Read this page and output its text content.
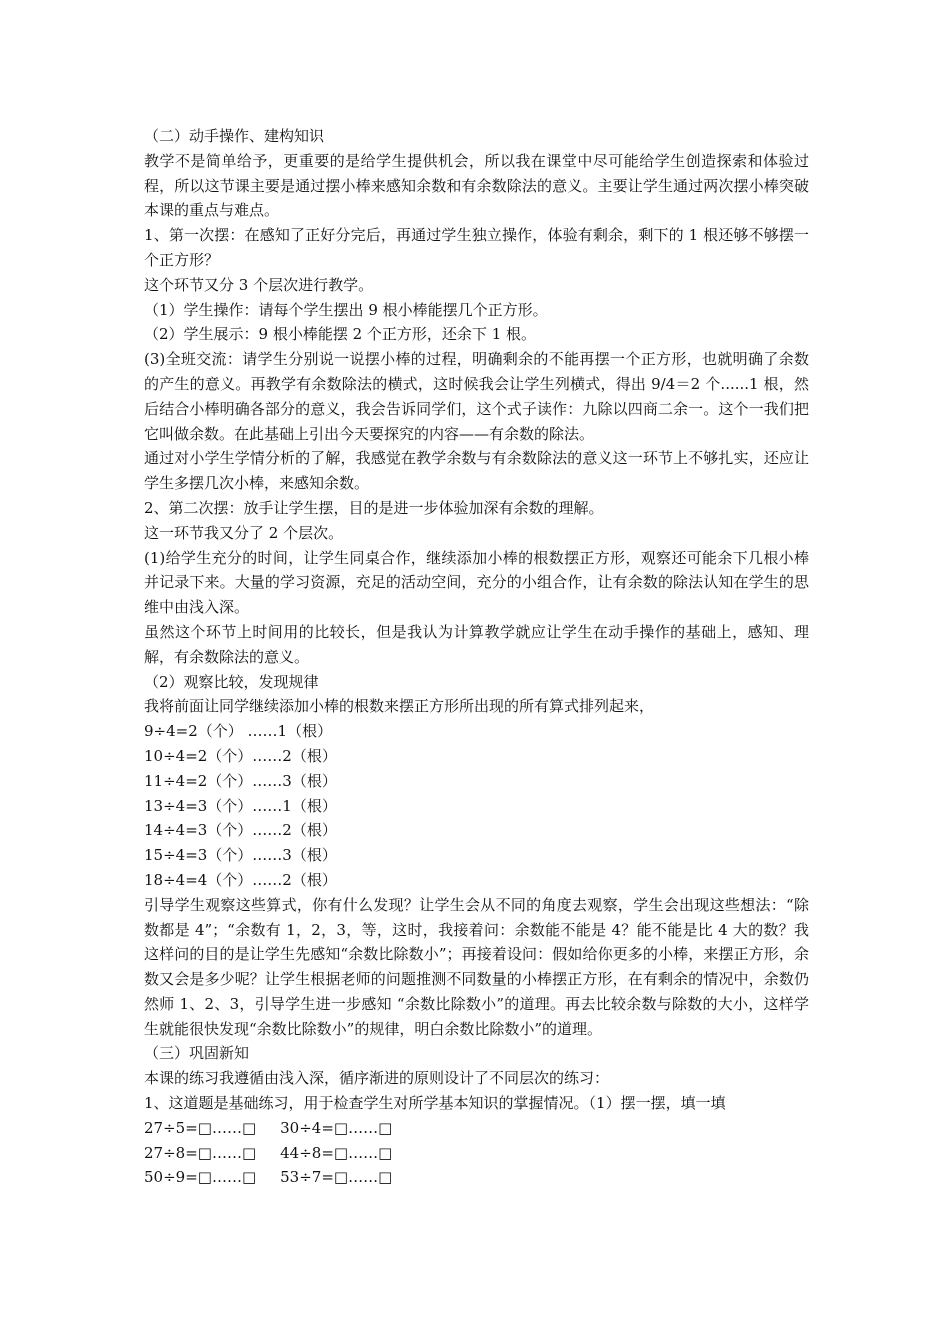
（二）动手操作、建构知识

教学不是简单给予，更重要的是给学生提供机会，所以我在课堂中尽可能给学生创造探索和体验过程，所以这节课主要是通过摆小棒来感知余数和有余数除法的意义。主要让学生通过两次摆小棒突破本课的重点与难点。

1、第一次摆：在感知了正好分完后，再通过学生独立操作，体验有剩余，剩下的 1 根还够不够摆一个正方形？

这个环节又分 3 个层次进行教学。

（1）学生操作：请每个学生摆出 9 根小棒能摆几个正方形。

（2）学生展示：9 根小棒能摆 2 个正方形，还余下 1 根。

(3)全班交流：请学生分别说一说摆小棒的过程，明确剩余的不能再摆一个正方形，也就明确了余数的产生的意义。再教学有余数除法的横式，这时候我会让学生列横式，得出 9/4＝2 个......1 根，然后结合小棒明确各部分的意义，我会告诉同学们，这个式子读作：九除以四商二余一。这个一我们把它叫做余数。在此基础上引出今天要探究的内容——有余数的除法。

通过对小学生学情分析的了解，我感觉在教学余数与有余数除法的意义这一环节上不够扎实，还应让学生多摆几次小棒，来感知余数。

2、第二次摆：放手让学生摆，目的是进一步体验加深有余数的理解。

这一环节我又分了 2 个层次。

(1)给学生充分的时间，让学生同桌合作，继续添加小棒的根数摆正方形，观察还可能余下几根小棒并记录下来。大量的学习资源，充足的活动空间，充分的小组合作，让有余数的除法认知在学生的思维中由浅入深。

虽然这个环节上时间用的比较长，但是我认为计算教学就应让学生在动手操作的基础上，感知、理解，有余数除法的意义。

（2）观察比较，发现规律

我将前面让同学继续添加小棒的根数来摆正方形所出现的所有算式排列起来，

9÷4=2（个） ……1（根）

10÷4=2（个）……2（根）

11÷4=2（个）……3（根）

13÷4=3（个）……1（根）

14÷4=3（个）……2（根）

15÷4=3（个）……3（根）

18÷4=4（个）……2（根）

引导学生观察这些算式，你有什么发现？让学生会从不同的角度去观察，学生会出现这些想法：“除数都是 4”；“余数有 1，2，3，等，这时，我接着问：余数能不能是 4？能不能是比 4 大的数？我这样问的目的是让学生先感知“余数比除数小”；再接着设问：假如给你更多的小棒，来摆正方形，余数又会是多少呢？让学生根据老师的问题推测不同数量的小棒摆正方形，在有剩余的情况中，余数仍然师 1、2、3，引导学生进一步感知 “余数比除数小”的道理。再去比较余数与除数的大小，这样学生就能很快发现“余数比除数小”的规律，明白余数比除数小”的道理。

（三）巩固新知

本课的练习我遵循由浅入深，循序渐进的原则设计了不同层次的练习：

1、这道题是基础练习，用于检查学生对所学基本知识的掌握情况。（1）摆一摆，填一填

27÷5=□……□ 30÷4=□……□
27÷8=□……□ 44÷8=□……□
50÷9=□……□ 53÷7=□……□
